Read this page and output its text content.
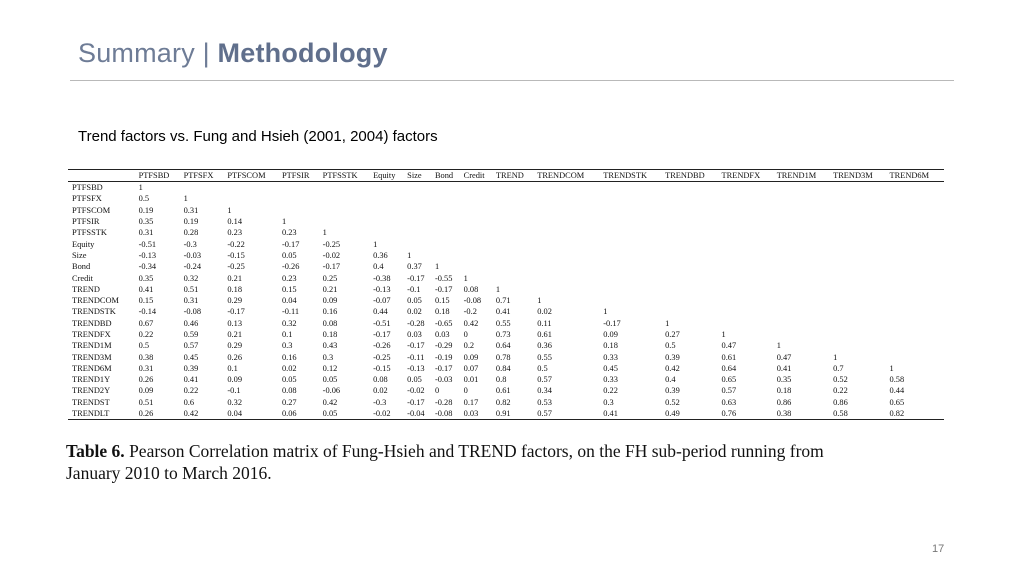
Summary | Methodology
Trend factors vs. Fung and Hsieh (2001, 2004) factors
	PTFSBD	PTFSFX	PTFSCOM	PTFSIR	PTFSSTK	Equity	Size	Bond	Credit	TREND	TRENDCOM	TRENDSTK	TRENDBD	TRENDFX	TREND1M	TREND3M	TREND6M
PTFSBD	1																
PTFSFX	0.5	1															
PTFSCOM	0.19	0.31	1														
PTFSIR	0.35	0.19	0.14	1													
PTFSSTK	0.31	0.28	0.23	0.23	1												
Equity	-0.51	-0.3	-0.22	-0.17	-0.25	1											
Size	-0.13	-0.03	-0.15	0.05	-0.02	0.36	1										
Bond	-0.34	-0.24	-0.25	-0.26	-0.17	0.4	0.37	1									
Credit	0.35	0.32	0.21	0.23	0.25	-0.38	-0.17	-0.55	1								
TREND	0.41	0.51	0.18	0.15	0.21	-0.13	-0.1	-0.17	0.08	1							
TRENDCOM	0.15	0.31	0.29	0.04	0.09	-0.07	0.05	0.15	-0.08	0.71	1						
TRENDSTK	-0.14	-0.08	-0.17	-0.11	0.16	0.44	0.02	0.18	-0.2	0.41	0.02	1					
TRENDBD	0.67	0.46	0.13	0.32	0.08	-0.51	-0.28	-0.65	0.42	0.55	0.11	-0.17	1				
TRENDFX	0.22	0.59	0.21	0.1	0.18	-0.17	0.03	0.03	0	0.73	0.61	0.09	0.27	1			
TREND1M	0.5	0.57	0.29	0.3	0.43	-0.26	-0.17	-0.29	0.2	0.64	0.36	0.18	0.5	0.47	1		
TREND3M	0.38	0.45	0.26	0.16	0.3	-0.25	-0.11	-0.19	0.09	0.78	0.55	0.33	0.39	0.61	0.47	1	
TREND6M	0.31	0.39	0.1	0.02	0.12	-0.15	-0.13	-0.17	0.07	0.84	0.5	0.45	0.42	0.64	0.41	0.7	1
TREND1Y	0.26	0.41	0.09	0.05	0.05	0.08	0.05	-0.03	0.01	0.8	0.57	0.33	0.4	0.65	0.35	0.52	0.58
TREND2Y	0.09	0.22	-0.1	0.08	-0.06	0.02	-0.02	0	0	0.61	0.34	0.22	0.39	0.57	0.18	0.22	0.44
TRENDST	0.51	0.6	0.32	0.27	0.42	-0.3	-0.17	-0.28	0.17	0.82	0.53	0.3	0.52	0.63	0.86	0.86	0.65
TRENDLT	0.26	0.42	0.04	0.06	0.05	-0.02	-0.04	-0.08	0.03	0.91	0.57	0.41	0.49	0.76	0.38	0.58	0.82
Table 6. Pearson Correlation matrix of Fung-Hsieh and TREND factors, on the FH sub-period running from January 2010 to March 2016.
17
